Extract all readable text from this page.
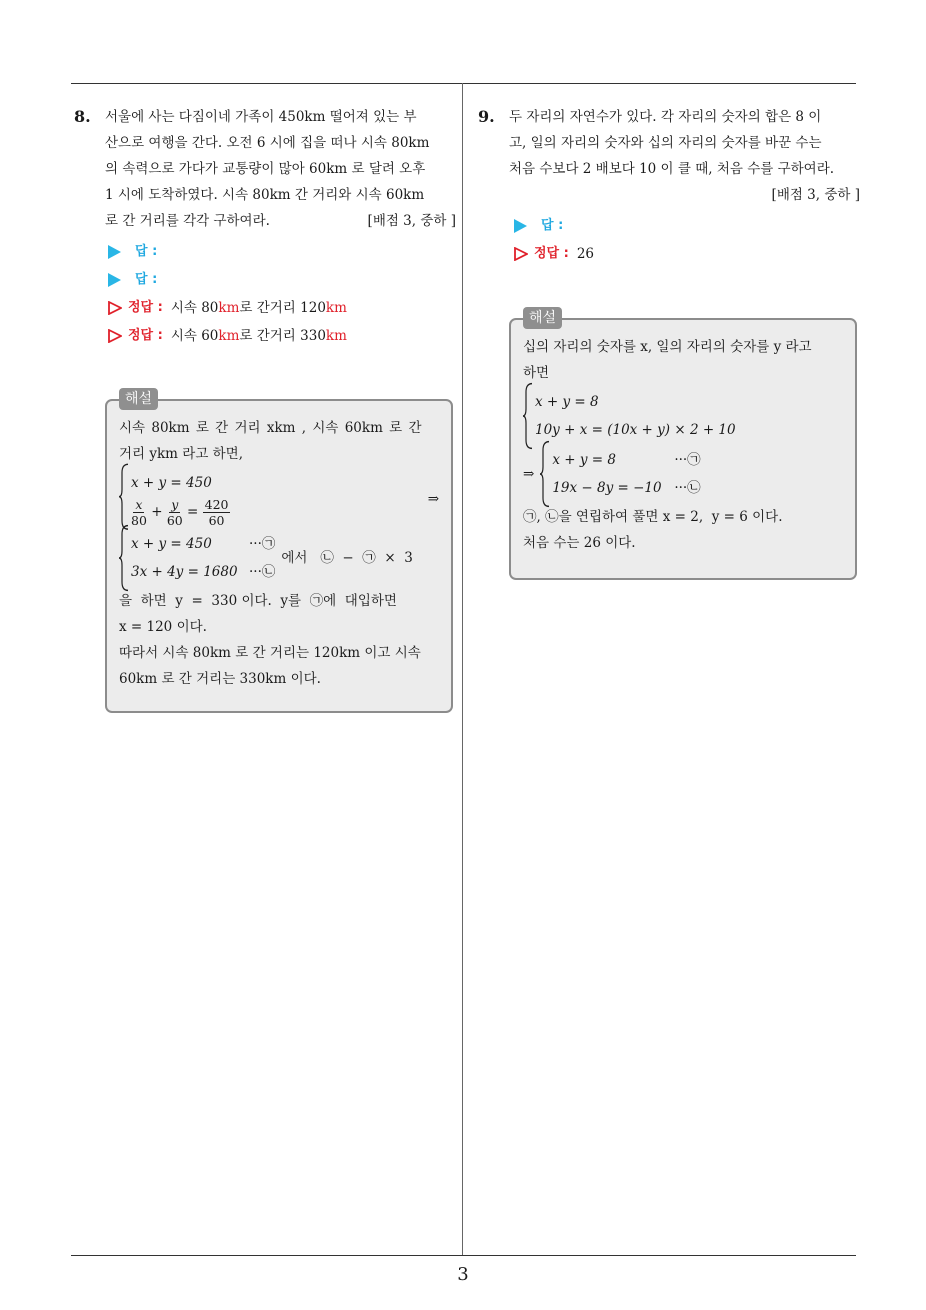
3
8.	서울에 사는 다짐이네 가족이 450km 떨어져 있는 부
산으로 여행을 간다. 오전 6 시에 집을 떠나 시속 80km
의 속력으로 가다가 교통량이 많아 60km 로 달려 오후
1 시에 도착하였다. 시속 80km 간 거리와 시속 60km
[배점 3, 중하 ]
로 간 거리를 각각 구하여라.
답 :
답 :
정답 : 시속 80 km 로 간거리 120 km
정답 : 시속 60 km 로 간거리 330 km
해설
시속 80km 로 간 거리 xkm , 시속 60km 로 간
거리 ykm 라고 하면,
x + y = 450
$\frac{x}{80} + \frac{y}{60} = \frac{420}{60}$	⇒
x + y = 450	···㉠
3x + 4y = 1680 ···㉡
에서   ㉡  −  ㉠  ×  3
을  하면  y  =  330 이다.  y를  ㉠에  대입하면
x = 120 이다.
따라서 시속 80km 로 간 거리는 120km 이고 시속
60km 로 간 거리는 330km 이다.
9.	두 자리의 자연수가 있다. 각 자리의 숫자의 합은 8 이
고, 일의 자리의 숫자와 십의 자리의 숫자를 바꾼 수는
처음 수보다 2 배보다 10 이 클 때, 처음 수를 구하여라.
[배점 3, 중하 ]
답 :
정답 : 26
해설
십의 자리의 숫자를 x, 일의 자리의 숫자를 y 라고
하면
x + y = 8
10y + x = (10x + y) × 2 + 10
⇒
x + y = 8	···㉠
19x − 8y = −10 ···㉡
㉠, ㉡을 연립하여 풀면 x = 2,  y = 6 이다.
처음 수는 26 이다.
